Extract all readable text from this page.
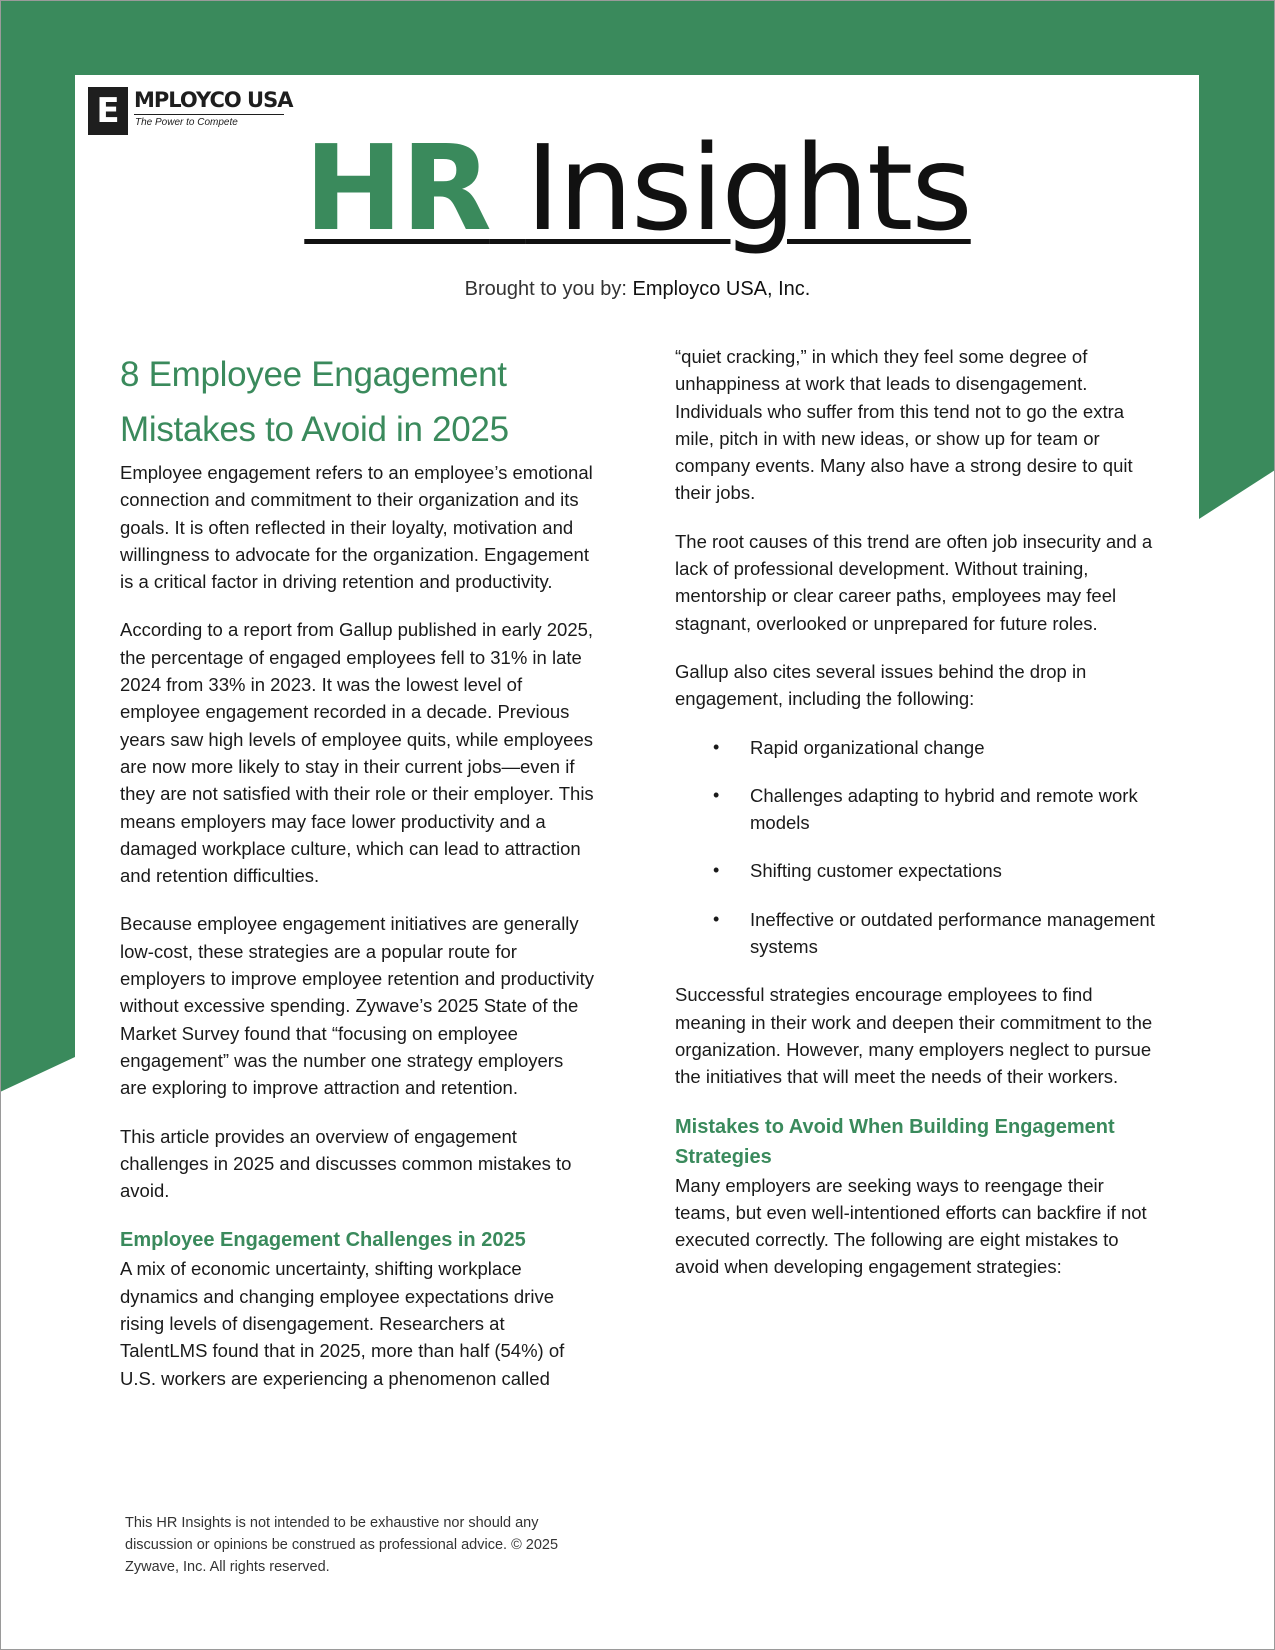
E MPLOYCO USA
The Power to Compete HR Insights
Brought to you by: Employco USA, Inc.
8 Employee Engagement Mistakes to Avoid in 2025

Employee engagement refers to an employee’s emotional connection and commitment to their organization and its goals. It is often reflected in their loyalty, motivation and willingness to advocate for the organization. Engagement is a critical factor in driving retention and productivity.

According to a report from Gallup published in early 2025, the percentage of engaged employees fell to 31% in late 2024 from 33% in 2023. It was the lowest level of employee engagement recorded in a decade. Previous years saw high levels of employee quits, while employees are now more likely to stay in their current jobs—even if they are not satisfied with their role or their employer. This means employers may face lower productivity and a damaged workplace culture, which can lead to attraction and retention difficulties.

Because employee engagement initiatives are generally low-cost, these strategies are a popular route for employers to improve employee retention and productivity without excessive spending. Zywave’s 2025 State of the Market Survey found that “focusing on employee engagement” was the number one strategy employers are exploring to improve attraction and retention.

This article provides an overview of engagement challenges in 2025 and discusses common mistakes to avoid.

Employee Engagement Challenges in 2025

A mix of economic uncertainty, shifting workplace dynamics and changing employee expectations drive rising levels of disengagement. Researchers at TalentLMS found that in 2025, more than half (54%) of U.S. workers are experiencing a phenomenon called

“quiet cracking,” in which they feel some degree of unhappiness at work that leads to disengagement. Individuals who suffer from this tend not to go the extra mile, pitch in with new ideas, or show up for team or company events. Many also have a strong desire to quit their jobs.

The root causes of this trend are often job insecurity and a lack of professional development. Without training, mentorship or clear career paths, employees may feel stagnant, overlooked or unprepared for future roles.

Gallup also cites several issues behind the drop in engagement, including the following:

• Rapid organizational change
• Challenges adapting to hybrid and remote work models
• Shifting customer expectations
• Ineffective or outdated performance management systems

Successful strategies encourage employees to find meaning in their work and deepen their commitment to the organization. However, many employers neglect to pursue the initiatives that will meet the needs of their workers.

Mistakes to Avoid When Building Engagement Strategies

Many employers are seeking ways to reengage their teams, but even well-intentioned efforts can backfire if not executed correctly. The following are eight mistakes to avoid when developing engagement strategies:

This HR Insights is not intended to be exhaustive nor should any discussion or opinions be construed as professional advice. © 2025 Zywave, Inc. All rights reserved.
